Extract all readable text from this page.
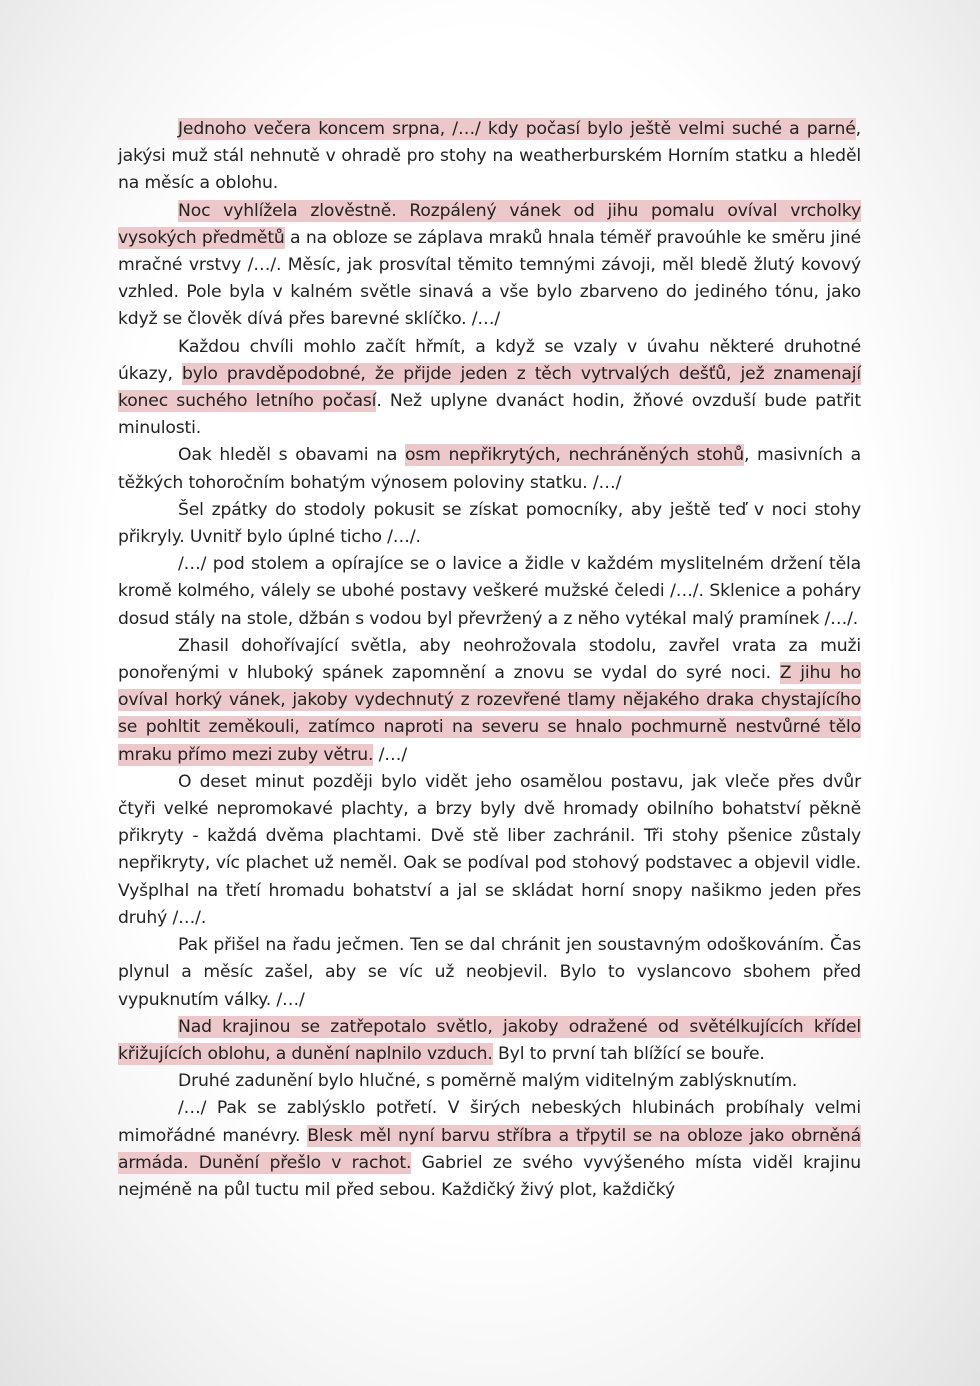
Jednoho večera koncem srpna, /…/ kdy počasí bylo ještě velmi suché a parné, jakýsi muž stál nehnutě v ohradě pro stohy na weatherburském Horním statku a hleděl na měsíc a oblohu.

Noc vyhlížela zlověstně. Rozpálený vánek od jihu pomalu ovíval vrcholky vysokých předmětů a na obloze se záplava mraků hnala téměř pravoúhle ke směru jiné mračné vrstvy /…/. Měsíc, jak prosvítal těmito temnými závoji, měl bledě žlutý kovový vzhled. Pole byla v kalném světle sinavá a vše bylo zbarveno do jediného tónu, jako když se člověk dívá přes barevné sklíčko. /…/

Každou chvíli mohlo začít hřmít, a když se vzaly v úvahu některé druhotné úkazy, bylo pravděpodobné, že přijde jeden z těch vytrvalých dešťů, jež znamenají konec suchého letního počasí. Než uplyne dvanáct hodin, žňové ovzduší bude patřit minulosti.

Oak hleděl s obavami na osm nepřikrytých, nechráněných stohů, masivních a těžkých tohoročním bohatým výnosem poloviny statku. /…/

Šel zpátky do stodoly pokusit se získat pomocníky, aby ještě teď v noci stohy přikryly. Uvnitř bylo úplné ticho /…/.

/…/ pod stolem a opírajíce se o lavice a židle v každém myslitelném držení těla kromě kolmého, válely se ubohé postavy veškeré mužské čeledi /…/. Sklenice a poháry dosud stály na stole, džbán s vodou byl převržený a z něho vytékal malý pramínek /…/.

Zhasil dohořívající světla, aby neohrožovala stodolu, zavřel vrata za muži ponořenými v hluboký spánek zapomnění a znovu se vydal do syré noci. Z jihu ho ovíval horký vánek, jakoby vydechnutý z rozevřené tlamy nějakého draka chystajícího se pohltit zeměkouli, zatímco naproti na severu se hnalo pochmurně nestvůrné tělo mraku přímo mezi zuby větru. /…/

O deset minut později bylo vidět jeho osamělou postavu, jak vleče přes dvůr čtyři velké nepromokavé plachty, a brzy byly dvě hromady obilního bohatství pěkně přikryty - každá dvěma plachtami. Dvě stě liber zachránil. Tři stohy pšenice zůstaly nepřikryty, víc plachet už neměl. Oak se podíval pod stohový podstavec a objevil vidle. Vyšplhal na třetí hromadu bohatství a jal se skládat horní snopy našikmo jeden přes druhý /…/.

Pak přišel na řadu ječmen. Ten se dal chránit jen soustavným odoškováním. Čas plynul a měsíc zašel, aby se víc už neobjevil. Bylo to vyslancovo sbohem před vypuknutím války. /…/

Nad krajinou se zatřepotalo světlo, jakoby odražené od světélkujících křídel křižujících oblohu, a dunění naplnilo vzduch. Byl to první tah blížící se bouře.

Druhé zadunění bylo hlučné, s poměrně malým viditelným zablýsknutím.

/…/ Pak se zablýsklo potřetí. V širých nebeských hlubinách probíhaly velmi mimořádné manévry. Blesk měl nyní barvu stříbra a třpytil se na obloze jako obrněná armáda. Dunění přešlo v rachot. Gabriel ze svého vyvýšeného místa viděl krajinu nejméně na půl tuctu mil před sebou. Každičký živý plot, každičký
